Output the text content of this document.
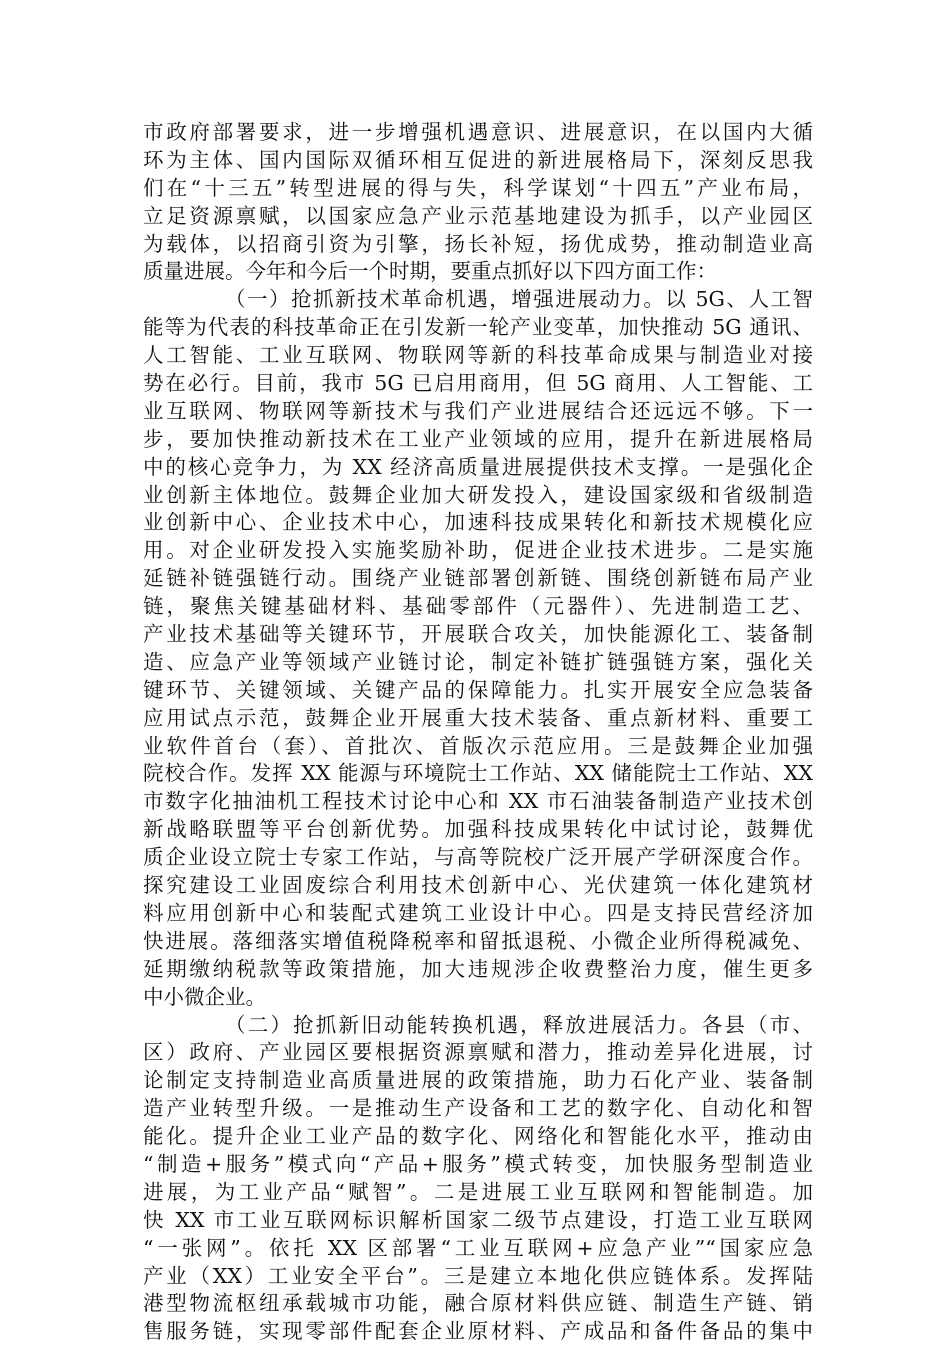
市政府部署要求，进一步增强机遇意识、进展意识，在以国内大循
环为主体、国内国际双循环相互促进的新进展格局下，深刻反思我
们在“十三五”转型进展的得与失，科学谋划“十四五”产业布局，
立足资源禀赋，以国家应急产业示范基地建设为抓手，以产业园区
为载体，以招商引资为引擎，扬长补短，扬优成势，推动制造业高
质量进展。今年和今后一个时期，要重点抓好以下四方面工作：
（一）抢抓新技术革命机遇，增强进展动力。以 5G、人工智
能等为代表的科技革命正在引发新一轮产业变革，加快推动 5G 通讯、
人工智能、工业互联网、物联网等新的科技革命成果与制造业对接
势在必行。目前，我市 5G 已启用商用，但 5G 商用、人工智能、工
业互联网、物联网等新技术与我们产业进展结合还远远不够。下一
步，要加快推动新技术在工业产业领域的应用，提升在新进展格局
中的核心竞争力，为 XX 经济高质量进展提供技术支撑。一是强化企
业创新主体地位。鼓舞企业加大研发投入，建设国家级和省级制造
业创新中心、企业技术中心，加速科技成果转化和新技术规模化应
用。对企业研发投入实施奖励补助，促进企业技术进步。二是实施
延链补链强链行动。围绕产业链部署创新链、围绕创新链布局产业
链，聚焦关键基础材料、基础零部件（元器件）、先进制造工艺、
产业技术基础等关键环节，开展联合攻关，加快能源化工、装备制
造、应急产业等领域产业链讨论，制定补链扩链强链方案，强化关
键环节、关键领域、关键产品的保障能力。扎实开展安全应急装备
应用试点示范，鼓舞企业开展重大技术装备、重点新材料、重要工
业软件首台（套）、首批次、首版次示范应用。三是鼓舞企业加强
院校合作。发挥 XX 能源与环境院士工作站、XX 储能院士工作站、XX
市数字化抽油机工程技术讨论中心和 XX 市石油装备制造产业技术创
新战略联盟等平台创新优势。加强科技成果转化中试讨论，鼓舞优
质企业设立院士专家工作站，与高等院校广泛开展产学研深度合作。
探究建设工业固废综合利用技术创新中心、光伏建筑一体化建筑材
料应用创新中心和装配式建筑工业设计中心。四是支持民营经济加
快进展。落细落实增值税降税率和留抵退税、小微企业所得税减免、
延期缴纳税款等政策措施，加大违规涉企收费整治力度，催生更多
中小微企业。
（二）抢抓新旧动能转换机遇，释放进展活力。各县（市、
区）政府、产业园区要根据资源禀赋和潜力，推动差异化进展，讨
论制定支持制造业高质量进展的政策措施，助力石化产业、装备制
造产业转型升级。一是推动生产设备和工艺的数字化、自动化和智
能化。提升企业工业产品的数字化、网络化和智能化水平，推动由
“制造+服务”模式向“产品+服务”模式转变，加快服务型制造业
进展，为工业产品“赋智”。二是进展工业互联网和智能制造。加
快 XX 市工业互联网标识解析国家二级节点建设，打造工业互联网
“一张网”。依托 XX 区部署“工业互联网+应急产业”“国家应急
产业（XX）工业安全平台”。三是建立本地化供应链体系。发挥陆
港型物流枢纽承载城市功能，融合原材料供应链、制造生产链、销
售服务链，实现零部件配套企业原材料、产成品和备件备品的集中
